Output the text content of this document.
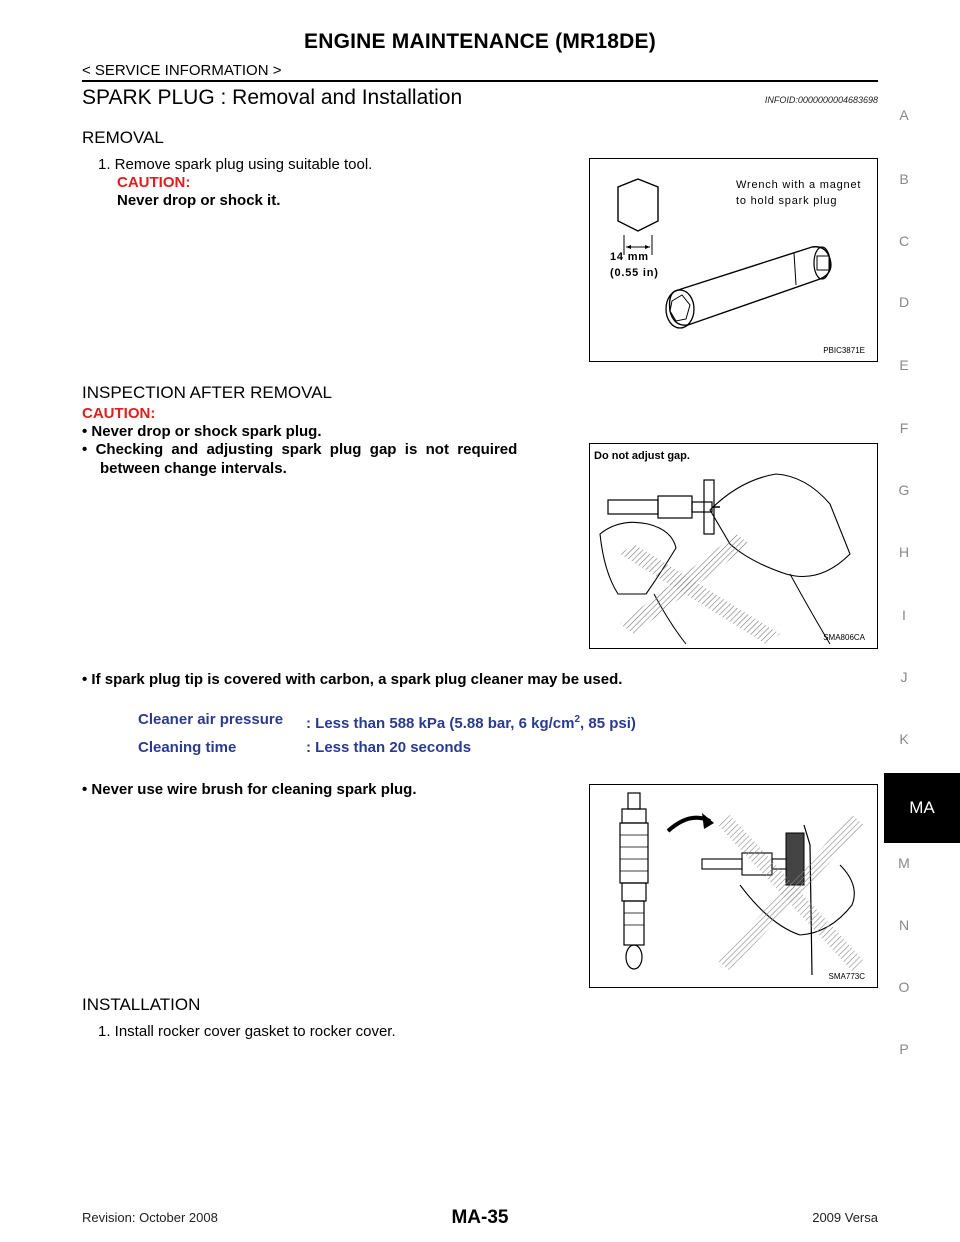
ENGINE MAINTENANCE (MR18DE)
< SERVICE INFORMATION >
SPARK PLUG : Removal and Installation	INFOID:0000000004683698
A
B
C
D
E
F
G
H
I
J
K
MA
M
N
O
P
REMOVAL
1. Remove spark plug using suitable tool.
CAUTION:
Never drop or shock it.
Wrench with a magnet
to hold spark plug
14 mm
(0.55 in)
PBIC3871E
INSPECTION AFTER REMOVAL
CAUTION:
• Never drop or shock spark plug.
•  Checking  and  adjusting  spark  plug  gap  is  not  required
between change intervals.
Do not adjust gap.
SMA806CA
• If spark plug tip is covered with carbon, a spark plug cleaner may be used.
Cleaner air pressure : Less than 588 kPa (5.88 bar, 6 $kg/cm^2$, 85 psi)
Cleaning time	: Less than 20 seconds
• Never use wire brush for cleaning spark plug.
SMA773C
INSTALLATION
1. Install rocker cover gasket to rocker cover.
Revision: October 2008	MA-35	2009 Versa
